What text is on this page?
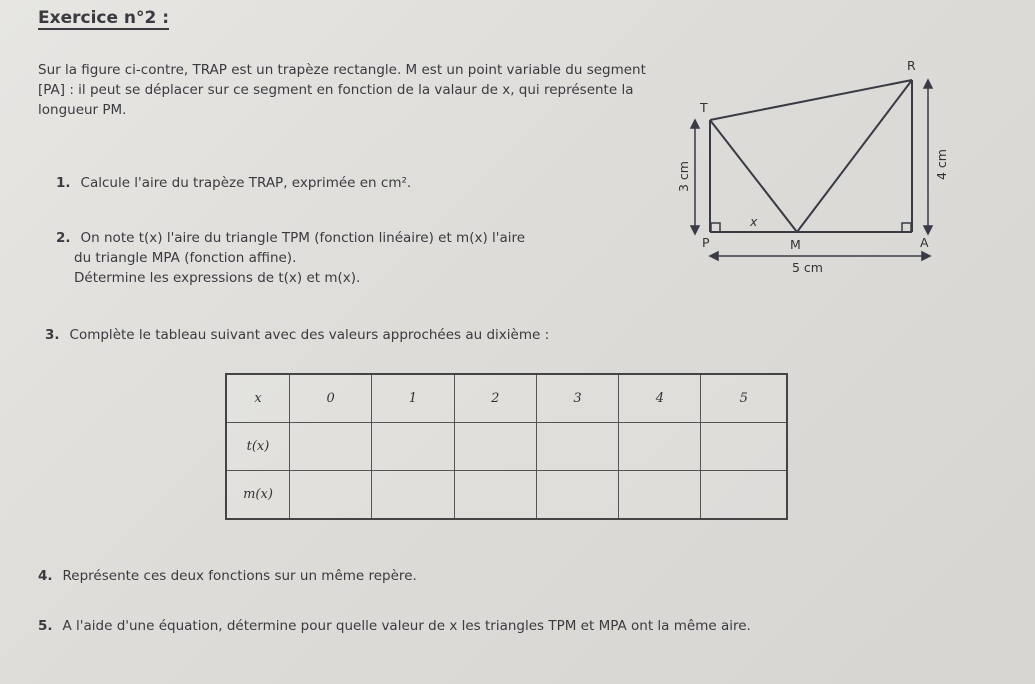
Exercice n°2 :
Sur la figure ci-contre, TRAP est un trapèze rectangle. M est un point variable du segment [PA] : il peut se déplacer sur ce segment en fonction de la valaur de x, qui représente la longueur PM.
1. Calcule l'aire du trapèze TRAP, exprimée en cm².
2. On note t(x) l'aire du triangle TPM (fonction linéaire) et m(x) l'aire
du triangle MPA (fonction affine).
Détermine les expressions de t(x) et m(x).
3. Complète le tableau suivant avec des valeurs approchées au dixième :
x	0	1	2	3	4	5
t(x)						
m(x)						
4. Représente ces deux fonctions sur un même repère.
5. A l'aide d'une équation, détermine pour quelle valeur de x les triangles TPM et MPA ont la même aire.
T
R
A
P	M
x
3 cm	4 cm
5 cm
